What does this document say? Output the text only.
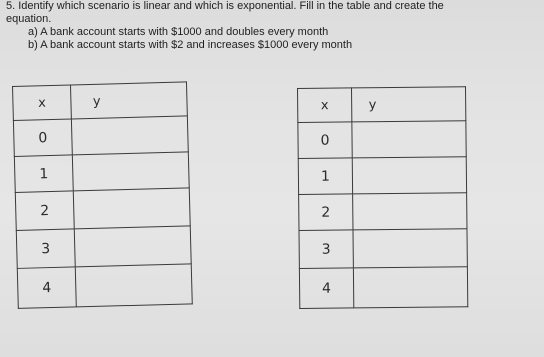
5. Identify which scenario is linear and which is exponential. Fill in the table and create the
equation.
a) A bank account starts with $1000 and doubles every month
b) A bank account starts with $2 and increases $1000 every month
x	y

0	

1	

2	

3	

4	

x	y

0	

1	

2	

3	

4	
